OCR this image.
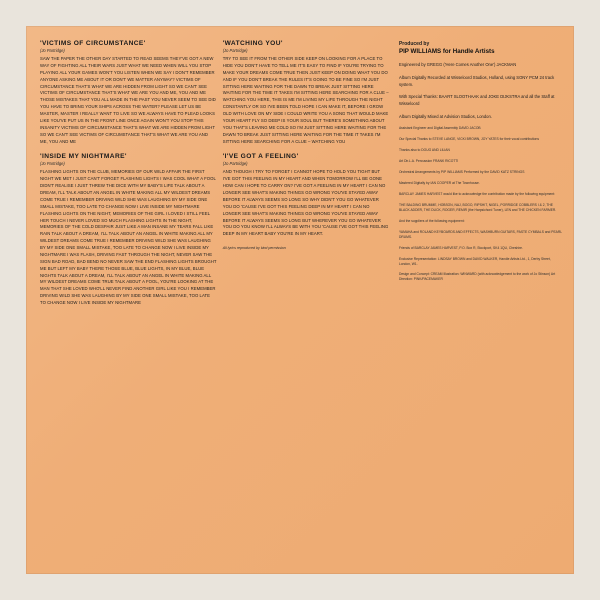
'VICTIMS OF CIRCUMSTANCE'
(Jo Partridge)
SAW THE PAPER THE OTHER DAY STARTED TO READ SEEMS THEY'VE GOT A NEW WAY OF FIGHTING ALL THEIR WARS JUST WHAT WE NEED WHEN WILL YOU STOP PLAYING ALL YOUR GAMES WON'T YOU LISTEN WHEN WE SAY I DON'T REMEMBER ANYONE ASKING ME ABOUT IT OR DON'T WE MATTER ANYWAY? VICTIMS OF CIRCUMSTANCE THAT'S WHAT WE ARE HIDDEN FROM LIGHT SO WE CAN'T SEE VICTIMS OF CIRCUMSTANCE THAT'S WHAT WE ARE YOU AND ME, YOU AND ME THOSE MISTAKES THAT YOU ALL MADE IN THE PAST YOU NEVER SEEM TO SEE DID YOU HAVE TO BRING YOUR SHIPS ACROSS THE WATER? PLEASE LET US BE MASTER, MASTER I REALLY WANT TO LIVE SO WE ALWAYS HAVE TO PLEAD LOOKS LIKE YOU'VE PUT US IN THE FRONT LINE ONCE AGAIN WON'T YOU STOP THIS INSANITY VICTIMS OF CIRCUMSTANCE THAT'S WHAT WE ARE HIDDEN FROM LIGHT SO WE CAN'T SEE VICTIMS OF CIRCUMSTANCE THAT'S WHAT WE ARE YOU AND ME, YOU AND ME
'INSIDE MY NIGHTMARE'
(Jo Partridge)
FLASHING LIGHTS ON THE CLUB, MEMORIES OF OUR WILD AFFAIR THE FIRST NIGHT WE MET I JUST CAN'T FORGET FLASHING LIGHTS I WAS COOL WHAT A FOOL DIDN'T REALISE I JUST THREW THE DICE WITH MY BABY'S LIFE TALK ABOUT A DREAM, I'LL TALK ABOUT AN ANGEL IN WHITE MAKING ALL MY WILDEST DREAMS COME TRUE I REMEMBER DRIVING WILD SHE WAS LAUGHING BY MY SIDE ONE SMALL MISTAKE, TOO LATE TO CHANGE NOW I LIVE INSIDE MY NIGHTMARE FLASHING LIGHTS ON THE NIGHT, MEMORIES OF THE GIRL I LOVED I STILL FEEL HER TOUCH I NEVER LOVED SO MUCH FLASHING LIGHTS IN THE NIGHT, MEMORIES OF THE COLD DESPAIR JUST LIKE A MAN INSANE MY TEARS FALL LIKE RAIN TALK ABOUT A DREAM, I'LL TALK ABOUT AN ANGEL IN WHITE MAKING ALL MY WILDEST DREAMS COME TRUE I REMEMBER DRIVING WILD SHE WAS LAUGHING BY MY SIDE ONE SMALL MISTAKE, TOO LATE TO CHANGE NOW I LIVE INSIDE MY NIGHTMARE I WAS FLASH, DRIVING FAST THROUGH THE NIGHT, NEVER SAW THE SIGN BAD ROAD, BAD BEND NO NEVER SAW THE END FLASHING LIGHTS BROUGHT ME BUT LEFT MY BABY THERE THOSE BLUE, BLUE LIGHTS, IN MY BLUE, BLUE NIGHTS TALK ABOUT A DREAM, I'LL TALK ABOUT AN ANGEL IN WHITE MAKING ALL MY WILDEST DREAMS COME TRUE TALK ABOUT A FOOL, YOU'RE LOOKING AT THE MAN THAT SHE LOVED WHO'LL NEVER FIND ANOTHER GIRL LIKE YOU I REMEMBER DRIVING WILD SHE WAS LAUGHING BY MY SIDE ONE SMALL MISTAKE, TOO LATE TO CHANGE NOW I LIVE INSIDE MY NIGHTMARE
'WATCHING YOU'
(Jo Partridge)
TRY TO SEE IT FROM THE OTHER SIDE KEEP ON LOOKING FOR A PLACE TO HIDE YOU DON'T HAVE TO TELL ME IT'S EASY TO FIND IF YOU'RE TRYING TO MAKE YOUR DREAMS COME TRUE THEN JUST KEEP ON DOING WHAT YOU DO AND IF YOU DON'T BREAK THE RULES IT'S GOING TO BE FINE SO I'M JUST SITTING HERE WAITING FOR THE DAWN TO BREAK JUST SITTING HERE WAITING FOR THE TIME IT TAKES I'M SITTING HERE SEARCHING FOR A CLUE – WATCHING YOU HERE, THIS IS ME I'M LIVING MY LIFE THROUGH THE NIGHT CONSTANTLY OR SO I'VE BEEN TOLD HOPE I CAN MAKE IT, BEFORE I GROW OLD WITH LOVE ON MY SIDE I COULD WRITE YOU A SONG THAT WOULD MAKE YOUR HEART FLY SO DEEP IS YOUR SOUL BUT THERE'S SOMETHING ABOUT YOU THAT'S LEAVING ME COLD SO I'M JUST SITTING HERE WAITING FOR THE DAWN TO BREAK JUST SITTING HERE WAITING FOR THE TIME IT TAKES I'M SITTING HERE SEARCHING FOR A CLUE – WATCHING YOU
'I'VE GOT A FEELING'
(Jo Partridge)
AND THOUGH I TRY TO FORGET I CANNOT HOPE TO HOLD YOU TIGHT BUT I'VE GOT THIS FEELING IN MY HEART AND WHEN TOMORROW I'LL BE GONE HOW CAN I HOPE TO CARRY ON? I'VE GOT A FEELING IN MY HEART I CAN NO LONGER SEE WHAT'S MAKING THINGS GO WRONG YOU'VE STAYED AWAY BEFORE IT ALWAYS SEEMS SO LONG SO WHY DIDN'T YOU GO WHATEVER YOU DO 'CAUSE I'VE GOT THIS FEELING DEEP IN MY HEART I CAN NO LONGER SEE WHAT'S MAKING THINGS GO WRONG YOU'VE STAYED AWAY BEFORE IT ALWAYS SEEMS SO LONG BUT WHEREVER YOU GO WHATEVER YOU DO YOU KNOW I'LL ALWAYS BE WITH YOU 'CAUSE I'VE GOT THIS FEELING DEEP IN MY HEART BABY YOU'RE IN MY HEART.
All lyrics reproduced by kind permission
Produced by
PIP WILLIAMS for Handle Artists
Engineered by GREGG ('Here Comes Another One') JACKMAN
Album Digitally Recorded at Wisseloord Studios, Holland, using SONY PCM 24 track system.
With Special Thanks: BAART SLOOTHAAK and JOKE DIJKSTRA and all the Staff at Wisseloord
Album Digitally Mixed at Advision Studios, London.
Assistant Engineer and Digital Assembly DAVID JACOB
Our Special Thanks to STEVE LANGE, VICKI BROWN, JOY YATES for their vocal contributions
Thanks also to DOUG AND LILIAN
Art Dir.L.A. Percussion FRANK RICOTTI
Orchestral Arrangements by PIP WILLIAMS Performed by the DAVID KATZ STRINGS
Mastered Digitally by IAN COOPER at The Townhouse.
BARCLAY JAMES HARVEST would like to acknowledge the contribution made by the following equipment:
THE BALDING BRUMME, HOBSON, NAJ, BOGO, RIPSHIT, NIGEL, PORRIDGE COBBLERS I & 2, THE BLACK ADDER, THE DUCK, ROGER, REMIR (the Harpsichord Tuner), LEN and THE CHICKEN FARMER.
And the suppliers of the following equipment:
YAMAHA and ROLAND KEYBOARDS AND EFFECTS, WASHBURN GUITARS, PASTE CYMBALS and PEARL DRUMS.
Friends of BARCLAY JAMES HARVEST, P.O. Box R, Stockport, SK4 1QU, Cheshire.
Exclusive Representation: LINDSAY BROWN and DAVID WALKER, Handle Artists Ltd., 1, Derby Street, London, W1.
Design and Concept: CREAM Illustration: WINWARD (with acknowledgement to the work of Jo Stinson) Art Direction: PINK/PACEMAKER
